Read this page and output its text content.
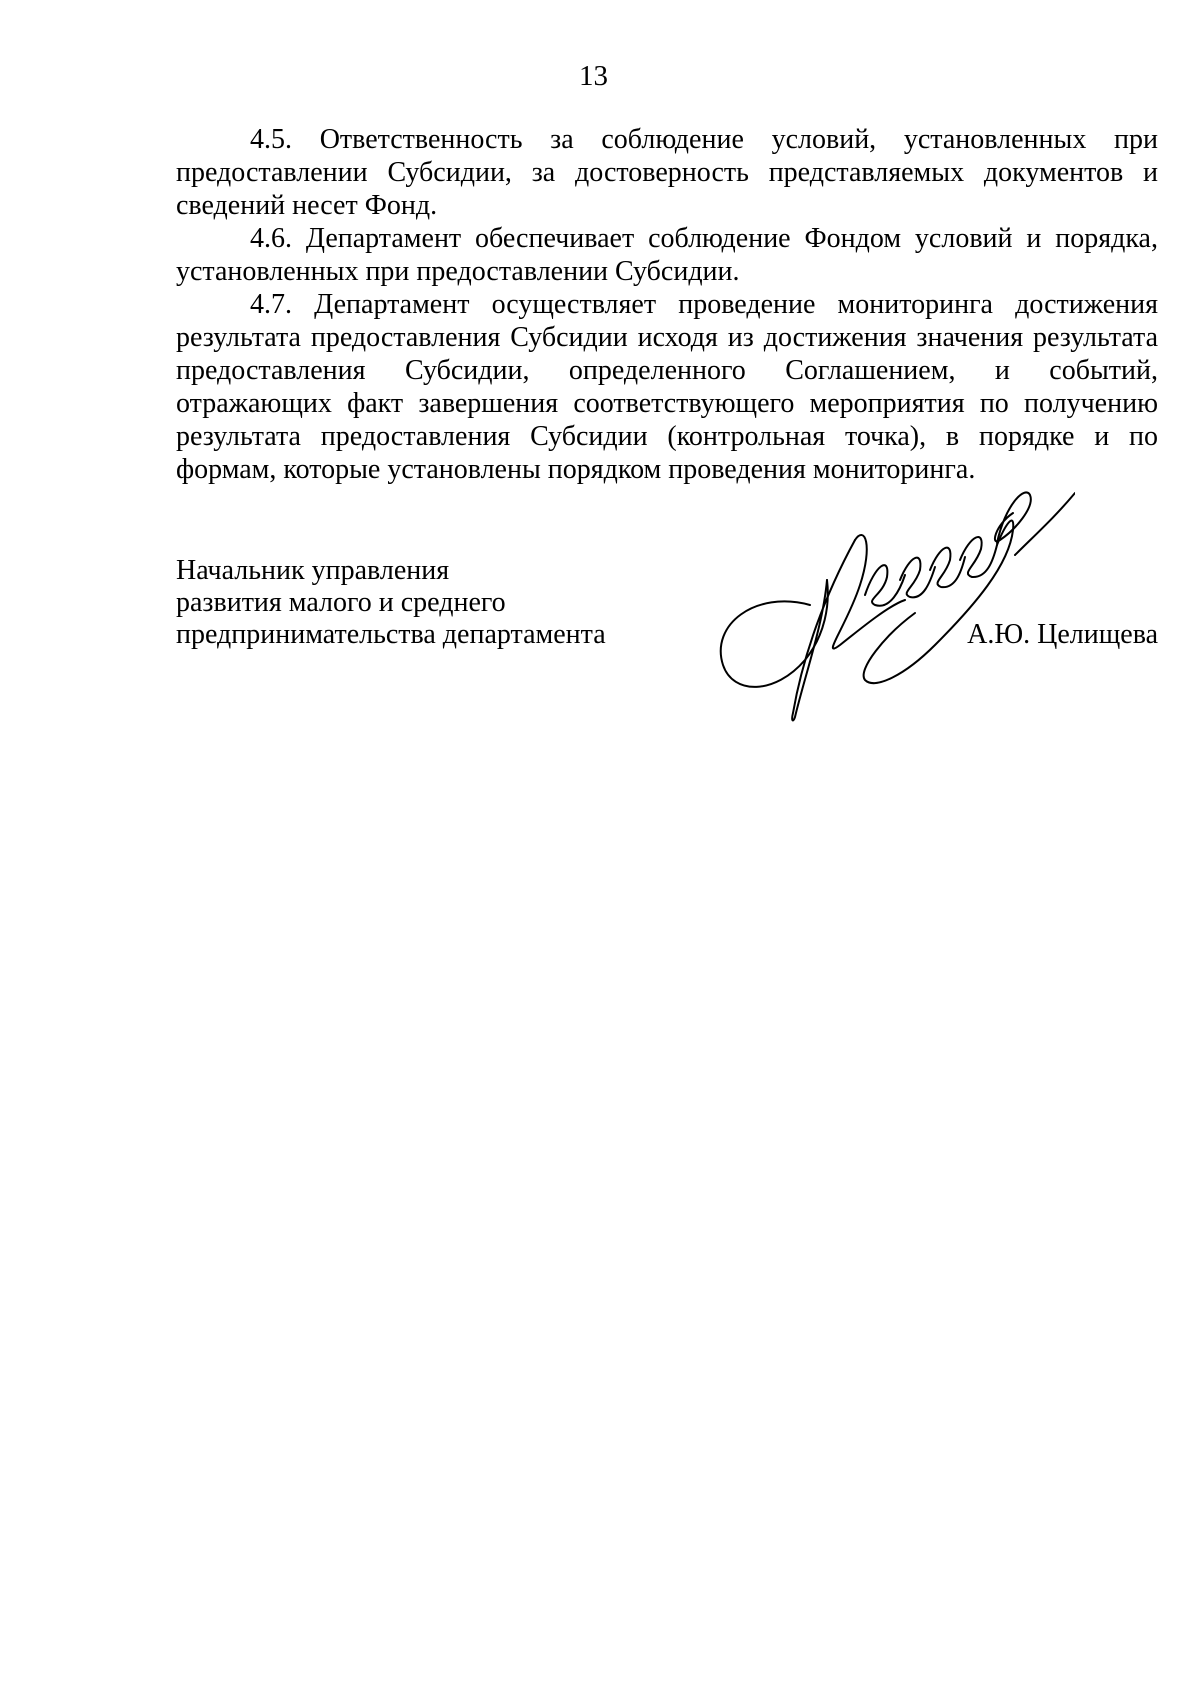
13

4.5. Ответственность за соблюдение условий, установленных при предоставлении Субсидии, за достоверность представляемых документов и сведений несет Фонд.

4.6. Департамент обеспечивает соблюдение Фондом условий и порядка, установленных при предоставлении Субсидии.

4.7. Департамент осуществляет проведение мониторинга достижения результата предоставления Субсидии исходя из достижения значения результата предоставления Субсидии, определенного Соглашением, и событий, отражающих факт завершения соответствующего мероприятия по получению результата предоставления Субсидии (контрольная точка), в порядке и по формам, которые установлены порядком проведения мониторинга.

Начальник управления
развития малого и среднего
предпринимательства департамента	А.Ю. Целищева
